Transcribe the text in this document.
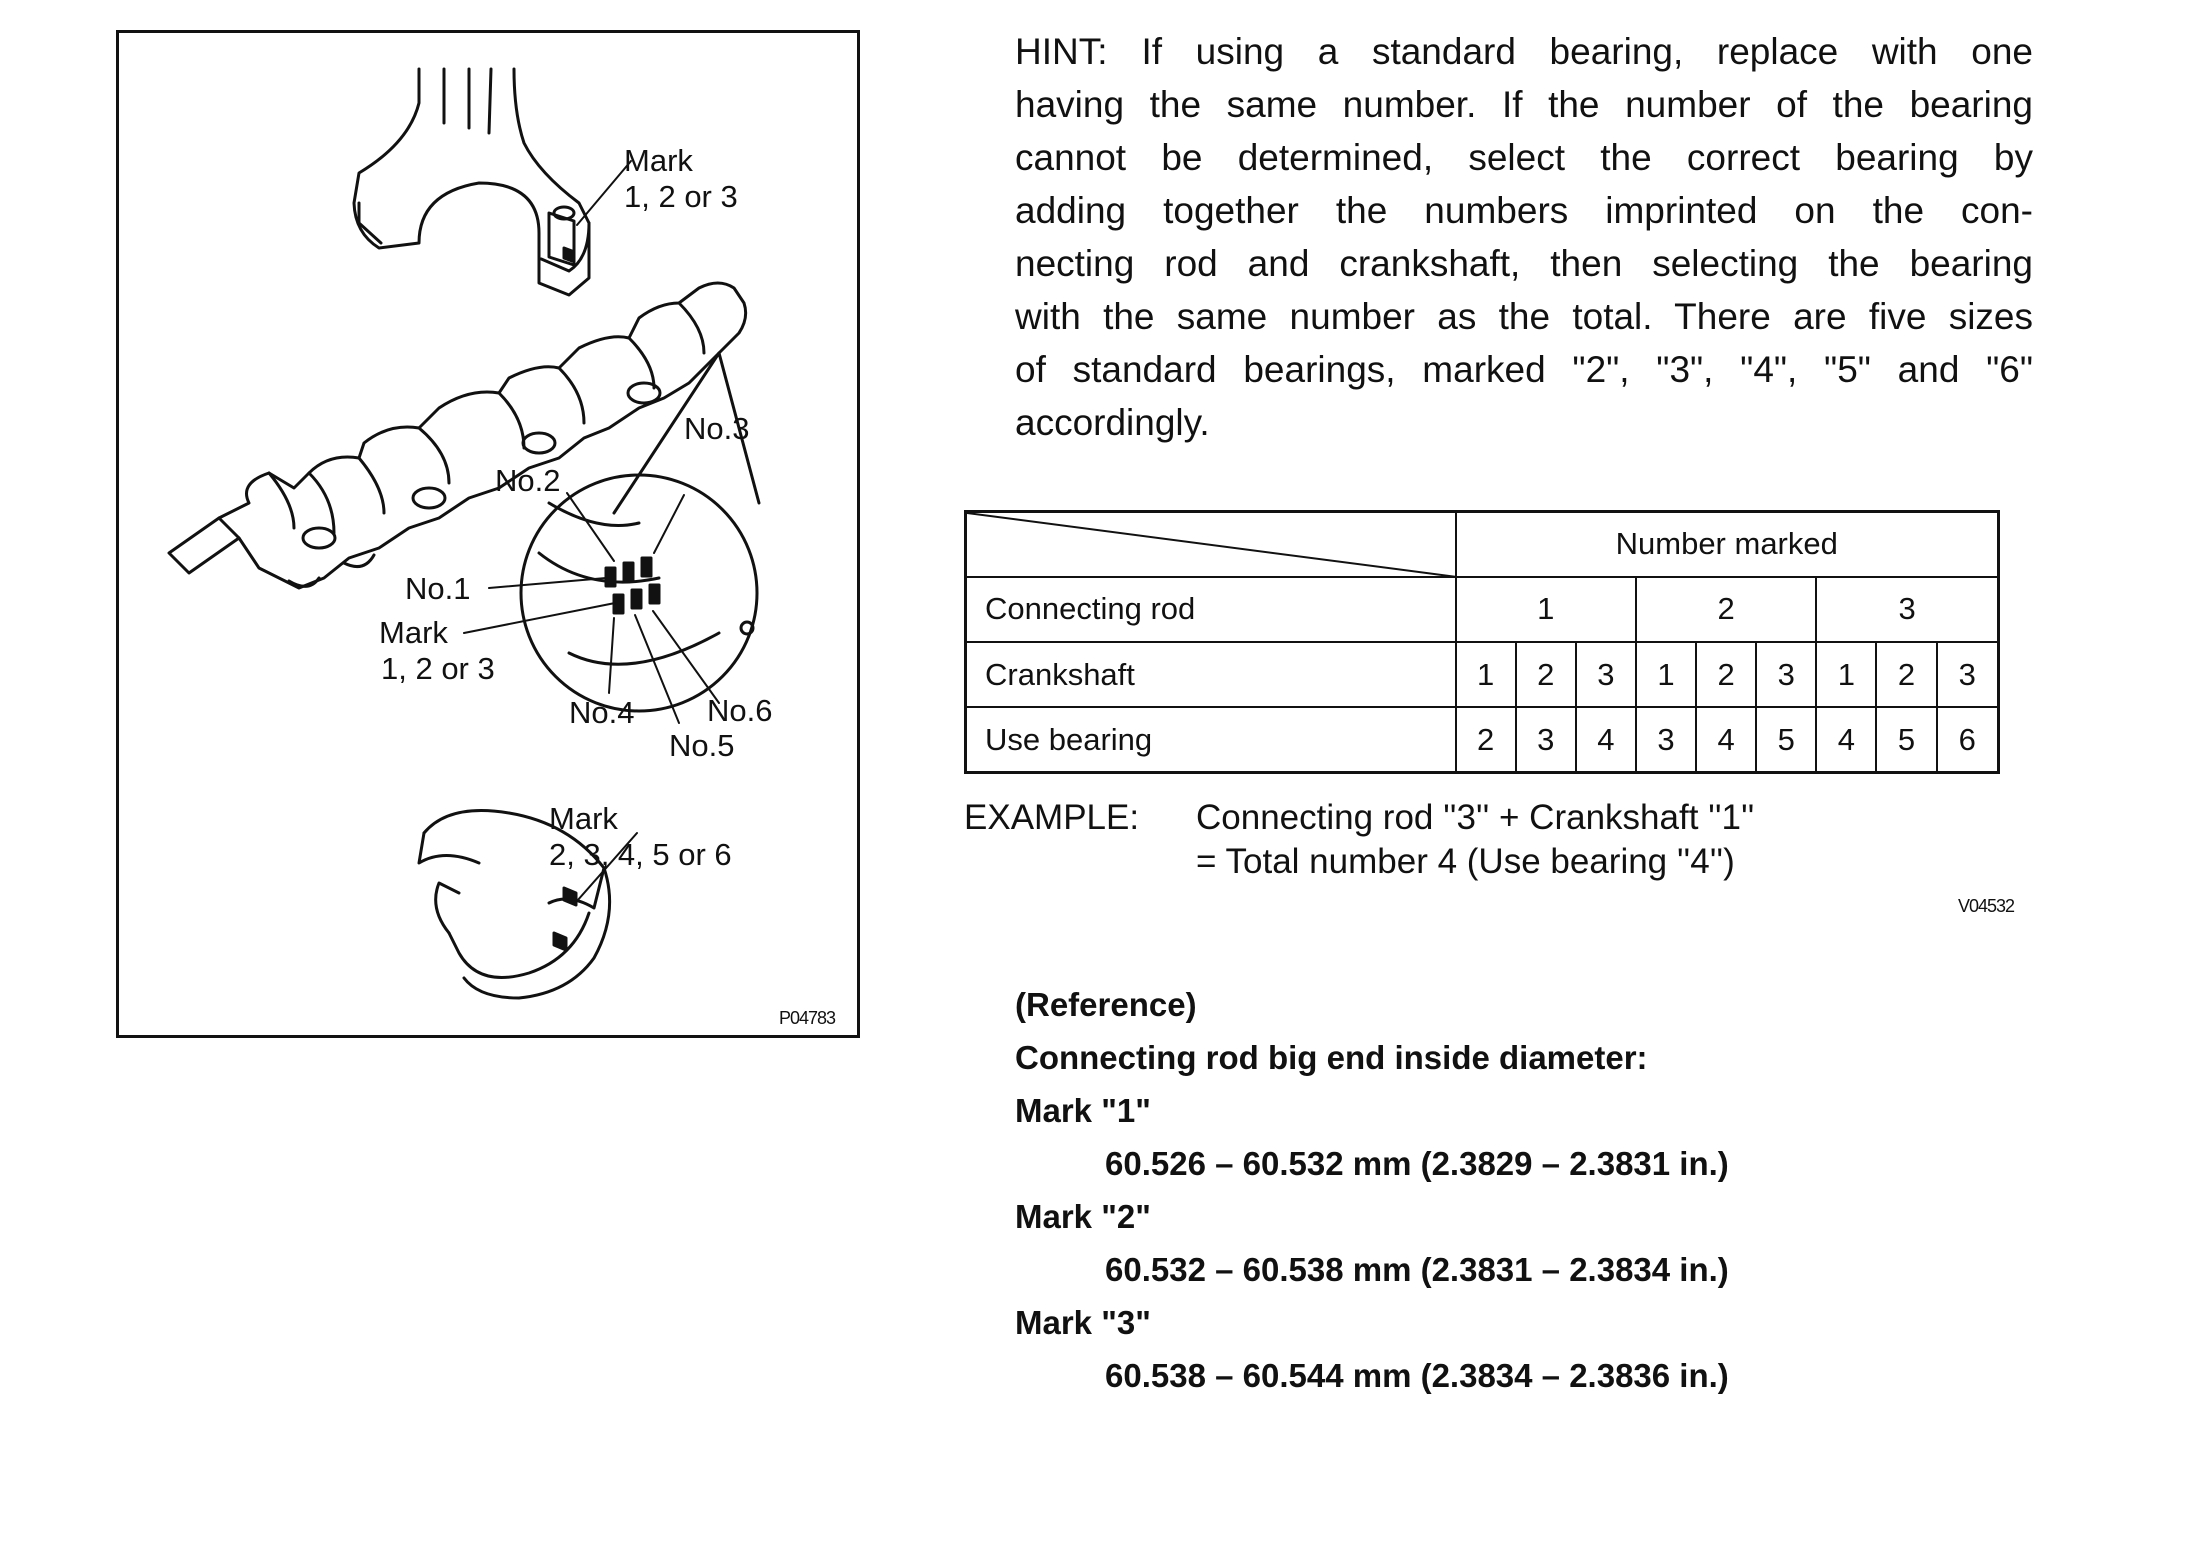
Mark
1, 2 or 3
No.3
No.2
No.1
Mark
1, 2 or 3
No.4
No.5
No.6
Mark
2, 3, 4, 5 or 6
P04783

HINT: If using a standard bearing, replace with one
having the same number. If the number of the bearing
cannot be determined, select the correct bearing by
adding together the numbers imprinted on the con-
necting rod and crankshaft, then selecting the bearing
with the same number as the total. There are five sizes
of standard bearings, marked "2", "3", "4", "5" and "6"
accordingly.

	Number marked								
Connecting rod	1			2			3		
Crankshaft	1	2	3	1	2	3	1	2	3
Use bearing	2	3	4	3	4	5	4	5	6
EXAMPLE: Connecting rod ''3'' + Crankshaft ''1''
= Total number 4 (Use bearing ''4'')
V04532
(Reference)
Connecting rod big end inside diameter:
Mark "1"
60.526 – 60.532 mm (2.3829 – 2.3831 in.)
Mark "2"
60.532 – 60.538 mm (2.3831 – 2.3834 in.)
Mark "3"
60.538 – 60.544 mm (2.3834 – 2.3836 in.)
